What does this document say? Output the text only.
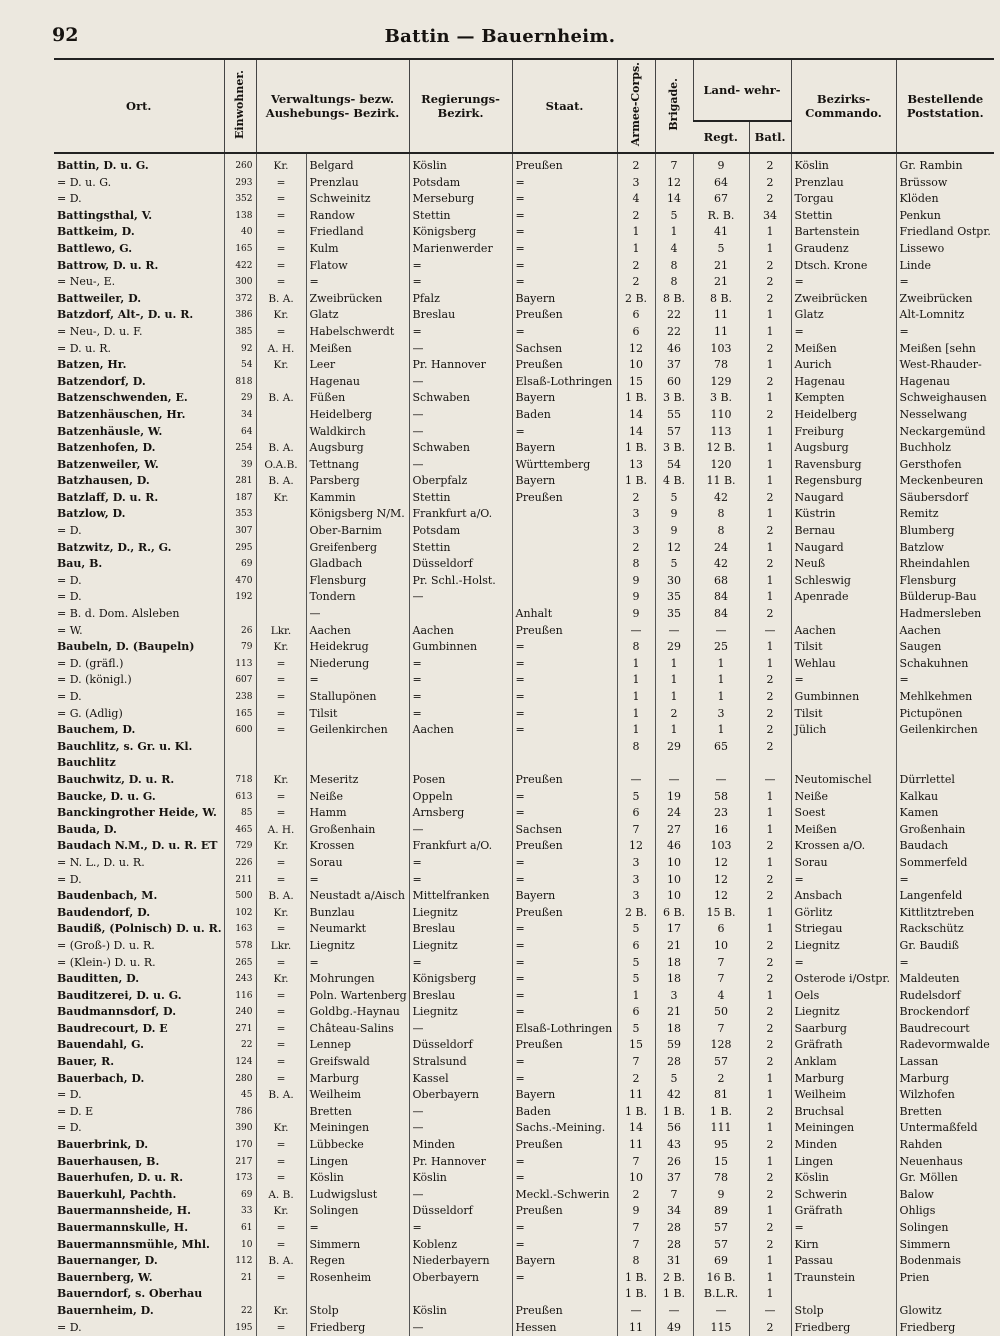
92	Battin — Bauernheim.
Ort.	Einwohner.	Verwaltungs- bezw. Aushebungs- Bezirk.		Regierungs- Bezirk.	Staat.	Armee-Corps.	Brigade.	Land- wehr-		Bezirks- Commando.	Bestellende Poststation.
								Regt.	Batl.		
Battin, D. u. G.	260	Kr.	Belgard	Köslin	Preußen	2	7	9	2	Köslin	Gr. Rambin
= D. u. G.	293	=	Prenzlau	Potsdam	=	3	12	64	2	Prenzlau	Brüssow
= D.	352	=	Schweinitz	Merseburg	=	4	14	67	2	Torgau	Klöden
Battingsthal, V.	138	=	Randow	Stettin	=	2	5	R. B.	34	Stettin	Penkun
Battkeim, D.	40	=	Friedland	Königsberg	=	1	1	41	1	Bartenstein	Friedland Ostpr.
Battlewo, G.	165	=	Kulm	Marienwerder	=	1	4	5	1	Graudenz	Lissewo
Battrow, D. u. R.	422	=	Flatow	=	=	2	8	21	2	Dtsch. Krone	Linde
= Neu-, E.	300	=	=	=	=	2	8	21	2	=	=
Battweiler, D.	372	B. A.	Zweibrücken	Pfalz	Bayern	2 B.	8 B.	8 B.	2	Zweibrücken	Zweibrücken
Batzdorf, Alt-, D. u. R.	386	Kr.	Glatz	Breslau	Preußen	6	22	11	1	Glatz	Alt-Lomnitz
= Neu-, D. u. F.	385	=	Habelschwerdt	=	=	6	22	11	1	=	=
= D. u. R.	92	A. H.	Meißen	—	Sachsen	12	46	103	2	Meißen	Meißen [sehn
Batzen, Hr.	54	Kr.	Leer	Pr. Hannover	Preußen	10	37	78	1	Aurich	West-Rhauder-
Batzendorf, D.	818		Hagenau	—	Elsaß-Lothringen	15	60	129	2	Hagenau	Hagenau
Batzenschwenden, E.	29	B. A.	Füßen	Schwaben	Bayern	1 B.	3 B.	3 B.	1	Kempten	Schweighausen
Batzenhäuschen, Hr.	34		Heidelberg	—	Baden	14	55	110	2	Heidelberg	Nesselwang
Batzenhäusle, W.	64		Waldkirch	—	=	14	57	113	1	Freiburg	Neckargemünd
Batzenhofen, D.	254	B. A.	Augsburg	Schwaben	Bayern	1 B.	3 B.	12 B.	1	Augsburg	Buchholz
Batzenweiler, W.	39	O.A.B.	Tettnang	—	Württemberg	13	54	120	1	Ravensburg	Gersthofen
Batzhausen, D.	281	B. A.	Parsberg	Oberpfalz	Bayern	1 B.	4 B.	11 B.	1	Regensburg	Meckenbeuren
Batzlaff, D. u. R.	187	Kr.	Kammin	Stettin	Preußen	2	5	42	2	Naugard	Säubersdorf
Batzlow, D.	353		Königsberg N/M.	Frankfurt a/O.		3	9	8	1	Küstrin	Remitz
= D.	307		Ober-Barnim	Potsdam		3	9	8	2	Bernau	Blumberg
Batzwitz, D., R., G.	295		Greifenberg	Stettin		2	12	24	1	Naugard	Batzlow
Bau, B.	69		Gladbach	Düsseldorf		8	5	42	2	Neuß	Rheindahlen
= D.	470		Flensburg	Pr. Schl.-Holst.		9	30	68	1	Schleswig	Flensburg
= D.	192		Tondern	—		9	35	84	1	Apenrade	Bülderup-Bau
= B. d. Dom. Alsleben			—		Anhalt	9	35	84	2		Hadmersleben
= W.	26	Lkr.	Aachen	Aachen	Preußen	—	—	—	—	Aachen	Aachen
Baubeln, D. (Baupeln)	79	Kr.	Heidekrug	Gumbinnen	=	8	29	25	1	Tilsit	Saugen
= D. (gräfl.)	113	=	Niederung	=	=	1	1	1	1	Wehlau	Schakuhnen
= D. (königl.)	607	=	=	=	=	1	1	1	2	=	=
= D.	238	=	Stallupönen	=	=	1	1	1	2	Gumbinnen	Mehlkehmen
= G. (Adlig)	165	=	Tilsit	=	=	1	2	3	2	Tilsit	Pictupönen
Bauchem, D.	600	=	Geilenkirchen	Aachen	=	1	1	1	2	Jülich	Geilenkirchen
Bauchlitz, s. Gr. u. Kl.						8	29	65	2		
Bauchlitz											
Bauchwitz, D. u. R.	718	Kr.	Meseritz	Posen	Preußen	—	—	—	—	Neutomischel	Dürrlettel
Baucke, D. u. G.	613	=	Neiße	Oppeln	=	5	19	58	1	Neiße	Kalkau
Banckingrother Heide, W.	85	=	Hamm	Arnsberg	=	6	24	23	1	Soest	Kamen
Bauda, D.	465	A. H.	Großenhain	—	Sachsen	7	27	16	1	Meißen	Großenhain
Baudach N.M., D. u. R. ET	729	Kr.	Krossen	Frankfurt a/O.	Preußen	12	46	103	2	Krossen a/O.	Baudach
= N. L., D. u. R.	226	=	Sorau	=	=	3	10	12	1	Sorau	Sommerfeld
= D.	211	=	=	=	=	3	10	12	2	=	=
Baudenbach, M.	500	B. A.	Neustadt a/Aisch	Mittelfranken	Bayern	3	10	12	2	Ansbach	Langenfeld
Baudendorf, D.	102	Kr.	Bunzlau	Liegnitz	Preußen	2 B.	6 B.	15 B.	1	Görlitz	Kittlitztreben
Baudiß, (Polnisch) D. u. R.	163	=	Neumarkt	Breslau	=	5	17	6	1	Striegau	Rackschütz
= (Groß-) D. u. R.	578	Lkr.	Liegnitz	Liegnitz	=	6	21	10	2	Liegnitz	Gr. Baudiß
= (Klein-) D. u. R.	265	=	=	=	=	5	18	7	2	=	=
Bauditten, D.	243	Kr.	Mohrungen	Königsberg	=	5	18	7	2	Osterode i/Ostpr.	Maldeuten
Bauditzerei, D. u. G.	116	=	Poln. Wartenberg	Breslau	=	1	3	4	1	Oels	Rudelsdorf
Baudmannsdorf, D.	240	=	Goldbg.-Haynau	Liegnitz	=	6	21	50	2	Liegnitz	Brockendorf
Baudrecourt, D. E	271	=	Château-Salins	—	Elsaß-Lothringen	5	18	7	2	Saarburg	Baudrecourt
Bauendahl, G.	22	=	Lennep	Düsseldorf	Preußen	15	59	128	2	Gräfrath	Radevormwalde
Bauer, R.	124	=	Greifswald	Stralsund	=	7	28	57	2	Anklam	Lassan
Bauerbach, D.	280	=	Marburg	Kassel	=	2	5	2	1	Marburg	Marburg
= D.	45	B. A.	Weilheim	Oberbayern	Bayern	11	42	81	1	Weilheim	Wilzhofen
= D. E	786		Bretten	—	Baden	1 B.	1 B.	1 B.	2	Bruchsal	Bretten
= D.	390	Kr.	Meiningen	—	Sachs.-Meining.	14	56	111	1	Meiningen	Untermaßfeld
Bauerbrink, D.	170	=	Lübbecke	Minden	Preußen	11	43	95	2	Minden	Rahden
Bauerhausen, B.	217	=	Lingen	Pr. Hannover	=	7	26	15	1	Lingen	Neuenhaus
Bauerhufen, D. u. R.	173	=	Köslin	Köslin	=	10	37	78	2	Köslin	Gr. Möllen
Bauerkuhl, Pachth.	69	A. B.	Ludwigslust	—	Meckl.-Schwerin	2	7	9	2	Schwerin	Balow
Bauermannsheide, H.	33	Kr.	Solingen	Düsseldorf	Preußen	9	34	89	1	Gräfrath	Ohligs
Bauermannskulle, H.	61	=	=	=	=	7	28	57	2	=	Solingen
Bauermannsmühle, Mhl.	10	=	Simmern	Koblenz	=	7	28	57	2	Kirn	Simmern
Bauernanger, D.	112	B. A.	Regen	Niederbayern	Bayern	8	31	69	1	Passau	Bodenmais
Bauernberg, W.	21	=	Rosenheim	Oberbayern	=	1 B.	2 B.	16 B.	1	Traunstein	Prien
Bauerndorf, s. Oberhau						1 B.	1 B.	B.L.R.	1		
Bauernheim, D.	22	Kr.	Stolp	Köslin	Preußen	—	—	—	—	Stolp	Glowitz
= D.	195	=	Friedberg	—	Hessen	11	49	115	2	Friedberg	Friedberg
